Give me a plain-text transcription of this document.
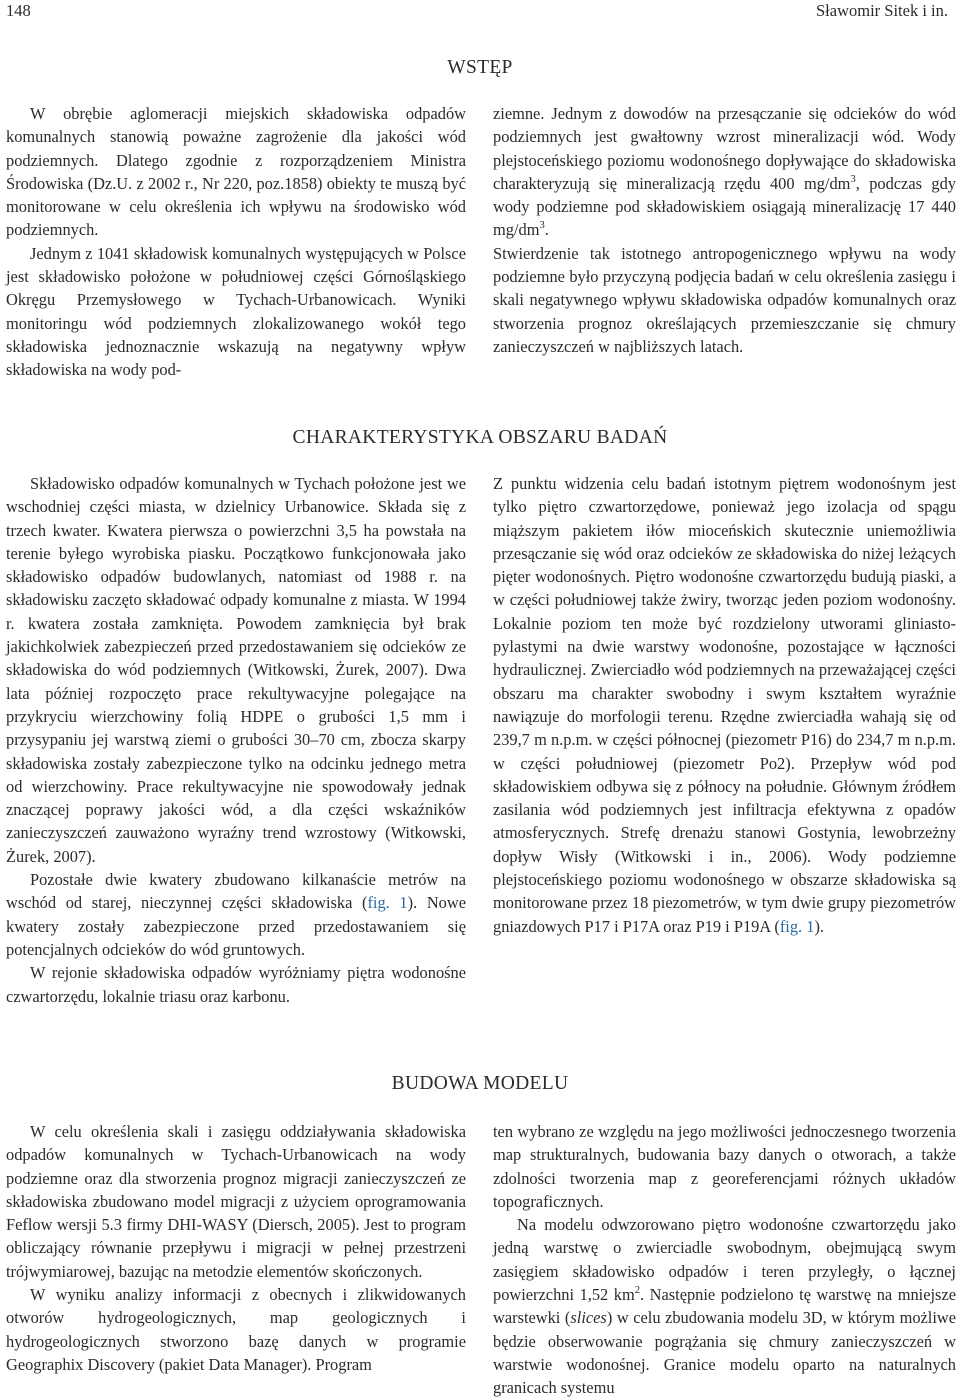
148	Sławomir Sitek i in.
WSTĘP

W obrębie aglomeracji miejskich składowiska odpadów komunalnych stanowią poważne zagrożenie dla jakości wód podziemnych. Dlatego zgodnie z rozporządzeniem Ministra Środowiska (Dz.U. z 2002 r., Nr 220, poz.1858) obiekty te muszą być monitorowane w celu określenia ich wpływu na środowisko wód podziemnych.

Jednym z 1041 składowisk komunalnych występujących w Polsce jest składowisko położone w południowej części Górnośląskiego Okręgu Przemysłowego w Tychach-Urbanowicach. Wyniki monitoringu wód podziemnych zlokalizowanego wokół tego składowiska jednoznacznie wskazują na negatywny wpływ składowiska na wody pod-

ziemne. Jednym z dowodów na przesączanie się odcieków do wód podziemnych jest gwałtowny wzrost mineralizacji wód. Wody plejstoceńskiego poziomu wodonośnego dopływające do składowiska charakteryzują się mineralizacją rzędu 400 $mg/dm^3$, podczas gdy wody podziemne pod składowiskiem osiągają mineralizację 17 440 $mg/dm^3$.

Stwierdzenie tak istotnego antropogenicznego wpływu na wody podziemne było przyczyną podjęcia badań w celu określenia zasięgu i skali negatywnego wpływu składowiska odpadów komunalnych oraz stworzenia prognoz określających przemieszczanie się chmury zanieczyszczeń w najbliższych latach.

CHARAKTERYSTYKA OBSZARU BADAŃ

Składowisko odpadów komunalnych w Tychach położone jest we wschodniej części miasta, w dzielnicy Urbanowice. Składa się z trzech kwater. Kwatera pierwsza o powierzchni 3,5 ha powstała na terenie byłego wyrobiska piasku. Początkowo funkcjonowała jako składowisko odpadów budowlanych, natomiast od 1988 r. na składowisku zaczęto składować odpady komunalne z miasta. W 1994 r. kwatera została zamknięta. Powodem zamknięcia był brak jakichkolwiek zabezpieczeń przed przedostawaniem się odcieków ze składowiska do wód podziemnych (Witkowski, Żurek, 2007). Dwa lata później rozpoczęto prace rekultywacyjne polegające na przykryciu wierzchowiny folią HDPE o grubości 1,5 mm i przysypaniu jej warstwą ziemi o grubości 30–70 cm, zbocza skarpy składowiska zostały zabezpieczone tylko na odcinku jednego metra od wierzchowiny. Prace rekultywacyjne nie spowodowały jednak znaczącej poprawy jakości wód, a dla części wskaźników zanieczyszczeń zauważono wyraźny trend wzrostowy (Witkowski, Żurek, 2007).

Pozostałe dwie kwatery zbudowano kilkanaście metrów na wschód od starej, nieczynnej części składowiska (fig. 1). Nowe kwatery zostały zabezpieczone przed przedostawaniem się potencjalnych odcieków do wód gruntowych.

W rejonie składowiska odpadów wyróżniamy piętra wodonośne czwartorzędu, lokalnie triasu oraz karbonu.

Z punktu widzenia celu badań istotnym piętrem wodonośnym jest tylko piętro czwartorzędowe, ponieważ jego izolacja od spągu miąższym pakietem iłów mioceńskich skutecznie uniemożliwia przesączanie się wód oraz odcieków ze składowiska do niżej leżących pięter wodonośnych. Piętro wodonośne czwartorzędu budują piaski, a w części południowej także żwiry, tworząc jeden poziom wodonośny. Lokalnie poziom ten może być rozdzielony utworami gliniasto-pylastymi na dwie warstwy wodonośne, pozostające w łączności hydraulicznej. Zwierciadło wód podziemnych na przeważającej części obszaru ma charakter swobodny i swym kształtem wyraźnie nawiązuje do morfologii terenu. Rzędne zwierciadła wahają się od 239,7 m n.p.m. w części północnej (piezometr P16) do 234,7 m n.p.m. w części południowej (piezometr Po2). Przepływ wód pod składowiskiem odbywa się z północy na południe. Głównym źródłem zasilania wód podziemnych jest infiltracja efektywna z opadów atmosferycznych. Strefę drenażu stanowi Gostynia, lewobrzeżny dopływ Wisły (Witkowski i in., 2006). Wody podziemne plejstoceńskiego poziomu wodonośnego w obszarze składowiska są monitorowane przez 18 piezometrów, w tym dwie grupy piezometrów gniazdowych P17 i P17A oraz P19 i P19A (fig. 1).

BUDOWA MODELU

W celu określenia skali i zasięgu oddziaływania składowiska odpadów komunalnych w Tychach-Urbanowicach na wody podziemne oraz dla stworzenia prognoz migracji zanieczyszczeń ze składowiska zbudowano model migracji z użyciem oprogramowania Feflow wersji 5.3 firmy DHI-WASY (Diersch, 2005). Jest to program obliczający równanie przepływu i migracji w pełnej przestrzeni trójwymiarowej, bazując na metodzie elementów skończonych.

W wyniku analizy informacji z obecnych i zlikwidowanych otworów hydrogeologicznych, map geologicznych i hydrogeologicznych stworzono bazę danych w programie Geographix Discovery (pakiet Data Manager). Program

ten wybrano ze względu na jego możliwości jednoczesnego tworzenia map strukturalnych, budowania bazy danych o otworach, a także zdolności tworzenia map z georeferencjami różnych układów topograficznych.

Na modelu odwzorowano piętro wodonośne czwartorzędu jako jedną warstwę o zwierciadle swobodnym, obejmującą swym zasięgiem składowisko odpadów i teren przyległy, o łącznej powierzchni 1,52 $km^2$. Następnie podzielono tę warstwę na mniejsze warstewki (slices) w celu zbudowania modelu 3D, w którym możliwe będzie obserwowanie pogrążania się chmury zanieczyszczeń w warstwie wodonośnej. Granice modelu oparto na naturalnych granicach systemu
